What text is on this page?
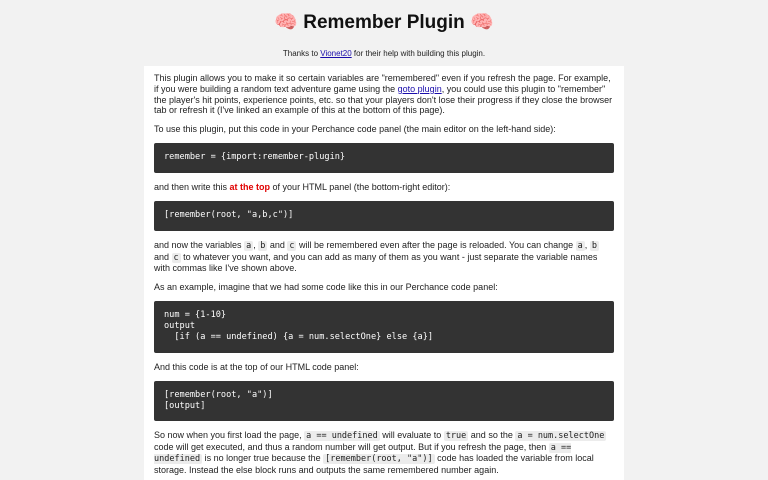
🧠 Remember Plugin 🧠
Thanks to Vionet20 for their help with building this plugin.

This plugin allows you to make it so certain variables are "remembered" even if you refresh the page. For example, if you were building a random text adventure game using the goto plugin, you could use this plugin to "remember" the player's hit points, experience points, etc. so that your players don't lose their progress if they close the browser tab or refresh it (I've linked an example of this at the bottom of this page).

To use this plugin, put this code in your Perchance code panel (the main editor on the left-hand side):

remember = {import:remember-plugin}

and then write this at the top of your HTML panel (the bottom-right editor):

[remember(root, "a,b,c")]

and now the variables a , b and c will be remembered even after the page is reloaded. You can change a , b and c to whatever you want, and you can add as many of them as you want - just separate the variable names with commas like I've shown above.

As an example, imagine that we had some code like this in our Perchance code panel:

num = {1-10}
output
[if (a == undefined) {a = num.selectOne} else {a}]

And this code is at the top of our HTML code panel:

[remember(root, "a")]
[output]

So now when you first load the page, a == undefined will evaluate to true and so the a = num.selectOne code will get executed, and thus a random number will get output. But if you refresh the page, then a == undefined is no longer true because the [remember(root, "a")] code has loaded the variable from local storage. Instead the else block runs and outputs the same remembered number again.
